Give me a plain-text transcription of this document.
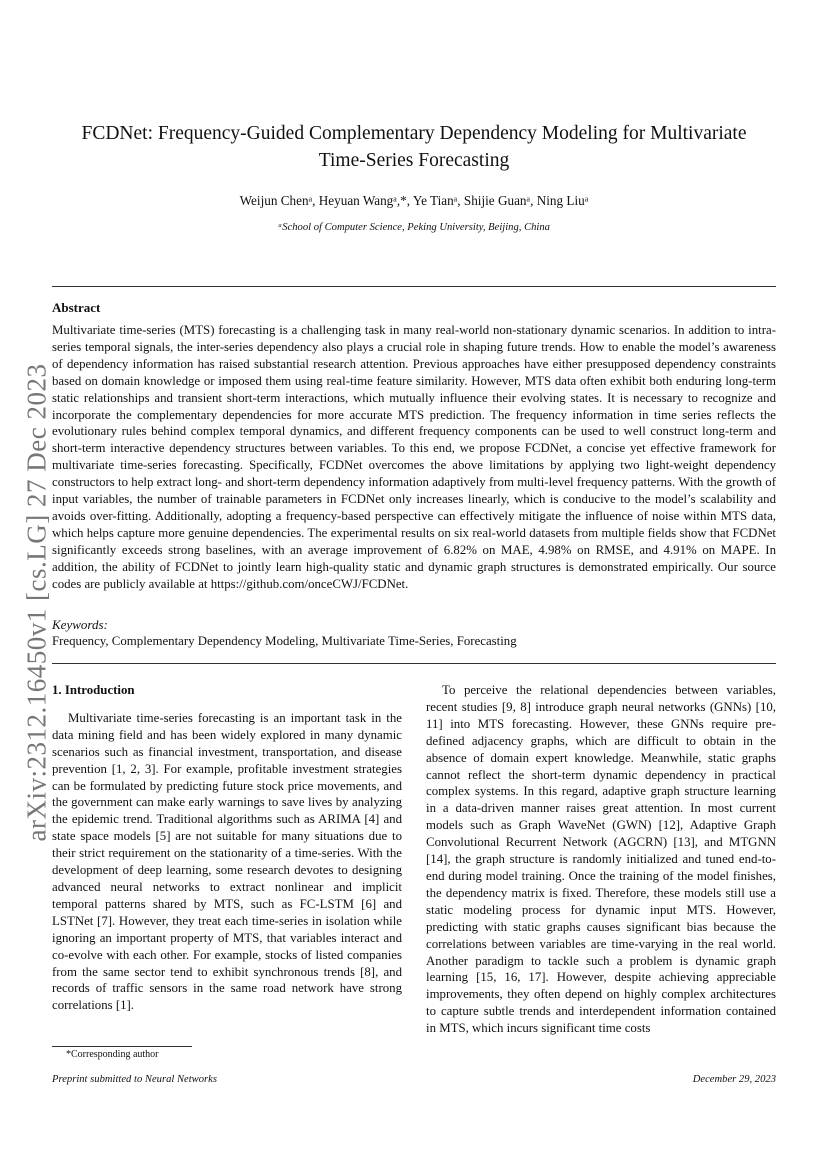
arXiv:2312.16450v1 [cs.LG] 27 Dec 2023
FCDNet: Frequency-Guided Complementary Dependency Modeling for Multivariate Time-Series Forecasting
Weijun Chenᵃ, Heyuan Wangᵃ,*, Ye Tianᵃ, Shijie Guanᵃ, Ning Liuᵃ
ᵃSchool of Computer Science, Peking University, Beijing, China
Abstract
Multivariate time-series (MTS) forecasting is a challenging task in many real-world non-stationary dynamic scenarios. In addition to intra-series temporal signals, the inter-series dependency also plays a crucial role in shaping future trends. How to enable the model’s awareness of dependency information has raised substantial research attention. Previous approaches have either presupposed dependency constraints based on domain knowledge or imposed them using real-time feature similarity. However, MTS data often exhibit both enduring long-term static relationships and transient short-term interactions, which mutually influence their evolving states. It is necessary to recognize and incorporate the complementary dependencies for more accurate MTS prediction. The frequency information in time series reflects the evolutionary rules behind complex temporal dynamics, and different frequency components can be used to well construct long-term and short-term interactive dependency structures between variables. To this end, we propose FCDNet, a concise yet effective framework for multivariate time-series forecasting. Specifically, FCDNet overcomes the above limitations by applying two light-weight dependency constructors to help extract long- and short-term dependency information adaptively from multi-level frequency patterns. With the growth of input variables, the number of trainable parameters in FCDNet only increases linearly, which is conducive to the model’s scalability and avoids over-fitting. Additionally, adopting a frequency-based perspective can effectively mitigate the influence of noise within MTS data, which helps capture more genuine dependencies. The experimental results on six real-world datasets from multiple fields show that FCDNet significantly exceeds strong baselines, with an average improvement of 6.82% on MAE, 4.98% on RMSE, and 4.91% on MAPE. In addition, the ability of FCDNet to jointly learn high-quality static and dynamic graph structures is demonstrated empirically. Our source codes are publicly available at https://github.com/onceCWJ/FCDNet.
Keywords:
Frequency, Complementary Dependency Modeling, Multivariate Time-Series, Forecasting
1. Introduction

Multivariate time-series forecasting is an important task in the data mining field and has been widely explored in many dynamic scenarios such as financial investment, transportation, and disease prevention [1, 2, 3]. For example, profitable investment strategies can be formulated by predicting future stock price movements, and the government can make early warnings to save lives by analyzing the epidemic trend. Traditional algorithms such as ARIMA [4] and state space models [5] are not suitable for many situations due to their strict requirement on the stationarity of a time-series. With the development of deep learning, some research devotes to designing advanced neural networks to extract nonlinear and implicit temporal patterns shared by MTS, such as FC-LSTM [6] and LSTNet [7]. However, they treat each time-series in isolation while ignoring an important property of MTS, that variables interact and co-evolve with each other. For example, stocks of listed companies from the same sector tend to exhibit synchronous trends [8], and records of traffic sensors in the same road network have strong correlations [1].

To perceive the relational dependencies between variables, recent studies [9, 8] introduce graph neural networks (GNNs) [10, 11] into MTS forecasting. However, these GNNs require pre-defined adjacency graphs, which are difficult to obtain in the absence of domain expert knowledge. Meanwhile, static graphs cannot reflect the short-term dynamic dependency in practical complex systems. In this regard, adaptive graph structure learning in a data-driven manner raises great attention. In most current models such as Graph WaveNet (GWN) [12], Adaptive Graph Convolutional Recurrent Network (AGCRN) [13], and MTGNN [14], the graph structure is randomly initialized and tuned end-to-end during model training. Once the training of the model finishes, the dependency matrix is fixed. Therefore, these models still use a static modeling process for dynamic input MTS. However, predicting with static graphs causes significant bias because the correlations between variables are time-varying in the real world. Another paradigm to tackle such a problem is dynamic graph learning [15, 16, 17]. However, despite achieving appreciable improvements, they often depend on highly complex architectures to capture subtle trends and interdependent information contained in MTS, which incurs significant time costs

*Corresponding author
Preprint submitted to Neural Networks	December 29, 2023
